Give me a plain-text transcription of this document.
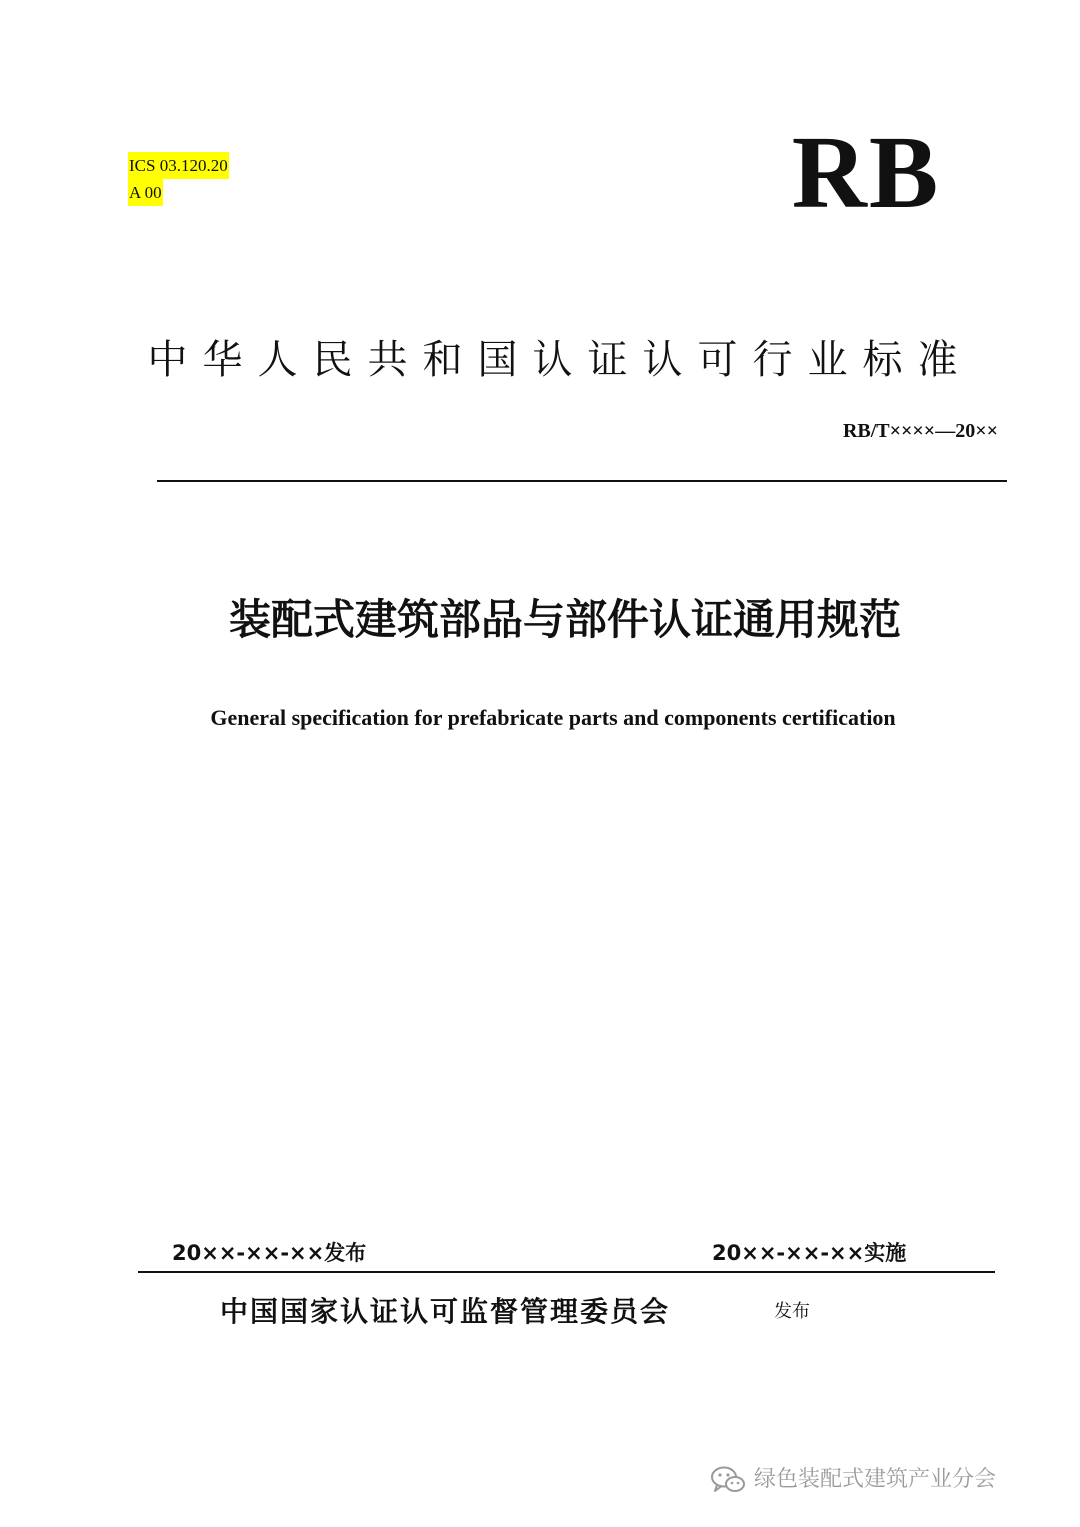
ICS 03.120.20
A 00	RB
中华人民共和国认证认可行业标准
RB/T××××—20××
装配式建筑部品与部件认证通用规范
General specification for prefabricate parts and components certification
20××-××-××发布	20××-××-××实施
中国国家认证认可监督管理委员会	发布
绿色装配式建筑产业分会
